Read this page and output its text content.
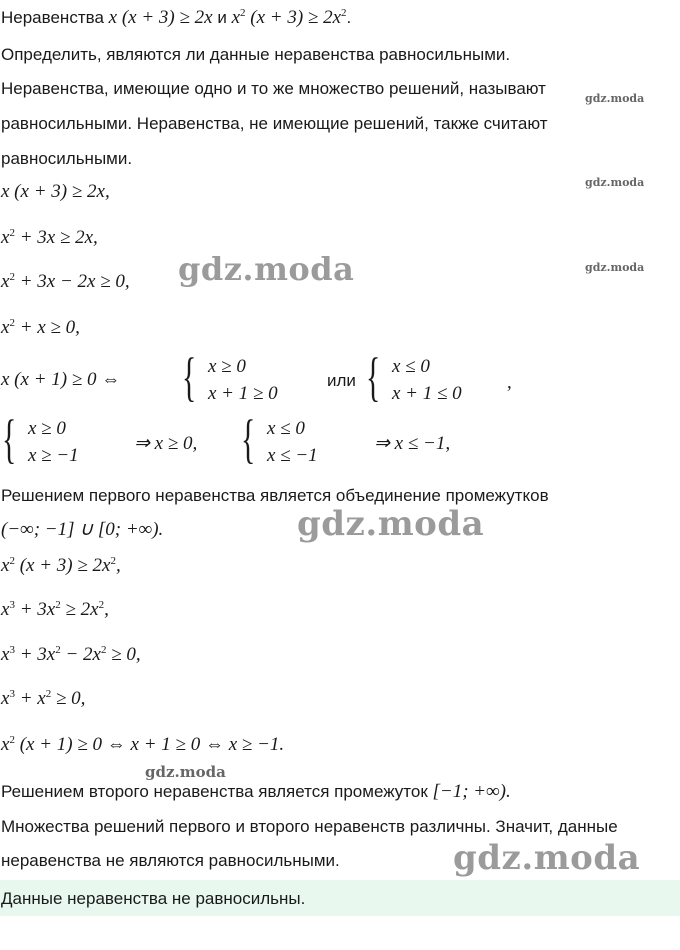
Неравенства x (x + 3) ≥ 2x и $x^2$ $(x + 3) \ge 2x^2$.
Определить, являются ли данные неравенства равносильными.
Неравенства, имеющие одно и то же множество решений, называют
равносильными. Неравенства, не имеющие решений, также считают
равносильными.
x (x + 3) ≥ 2x,
$x^2 + 3x \ge 2x$,
$x^2 + 3x - 2x \ge 0$,
$x^2 + x \ge 0$,
x (x + 1) ≥ 0 ⇔ { x ≥ 0
x + 1 ≥ 0
или { x ≤ 0
x + 1 ≤ 0
,
{ x ≥ 0
x ≥ −1
⇒ x ≥ 0, { x ≤ 0
x ≤ −1
⇒ x ≤ −1,
Решением первого неравенства является объединение промежутков
(−∞; −1] ∪ [0; +∞).
$x^2$ $(x + 3) \ge 2x^2$,
$x^3 + 3x^2 \ge 2x^2$,
$x^3 + 3x^2 - 2x^2 \ge 0$,
$x^3 + x^2 \ge 0$,
$x^2$ (x + 1) ≥ 0 ⇔ x + 1 ≥ 0 ⇔ x ≥ −1.
Решением второго неравенства является промежуток [−1; +∞).
Множества решений первого и второго неравенств различны. Значит, данные
неравенства не являются равносильными.
Данные неравенства не равносильны.
gdz.moda
gdz.moda
gdz.moda
gdz.moda
gdz.moda
gdz.moda
gdz.moda
